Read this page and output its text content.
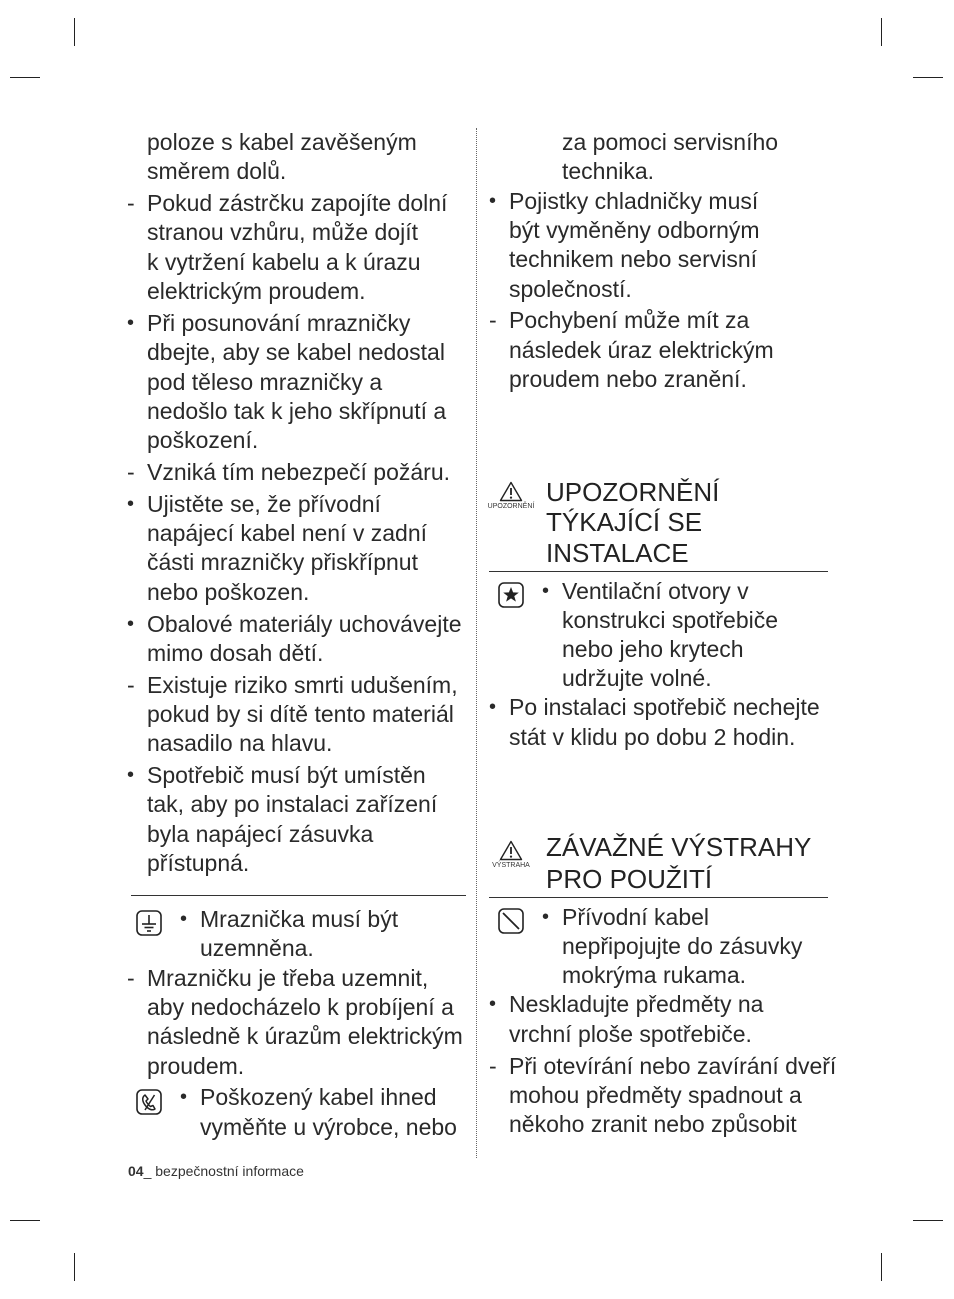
poloze s kabel zavěšeným
směrem dolů.
- Pokud zástrčku zapojíte dolní
stranou vzhůru, může dojít
k vytržení kabelu a k úrazu
elektrickým proudem.
• Při posunování mrazničky
dbejte, aby se kabel nedostal
pod těleso mrazničky a
nedošlo tak k jeho skřípnutí a
poškození.
- Vzniká tím nebezpečí požáru.
• Ujistěte se, že přívodní
napájecí kabel není v zadní
části mrazničky přiskřípnut
nebo poškozen.
• Obalové materiály uchovávejte
mimo dosah dětí.
- Existuje riziko smrti udušením,
pokud by si dítě tento materiál
nasadilo na hlavu.
• Spotřebič musí být umístěn
tak, aby po instalaci zařízení
byla napájecí zásuvka
přístupná.
• Mraznička musí být
uzemněna.
- Mrazničku je třeba uzemnit,
aby nedocházelo k probíjení a
následně k úrazům elektrickým
proudem.
• Poškozený kabel ihned
vyměňte u výrobce, nebo
za pomoci servisního
technika.
• Pojistky chladničky musí
být vyměněny odborným
technikem nebo servisní
společností.
- Pochybení může mít za
následek úraz elektrickým
proudem nebo zranění.
UPOZORNĚNÍ UPOZORNĚNÍ
TÝKAJÍCÍ SE
INSTALACE
• Ventilační otvory v
konstrukci spotřebiče
nebo jeho krytech
udržujte volné.
• Po instalaci spotřebič nechejte
stát v klidu po dobu 2 hodin.
VÝSTRAHA
ZÁVAŽNÉ VÝSTRAHY
PRO POUŽITÍ
• Přívodní kabel
nepřipojujte do zásuvky
mokrýma rukama.
• Neskladujte předměty na
vrchní ploše spotřebiče.
- Při otevírání nebo zavírání dveří
mohou předměty spadnout a
někoho zranit nebo způsobit
04_ bezpečnostní informace
